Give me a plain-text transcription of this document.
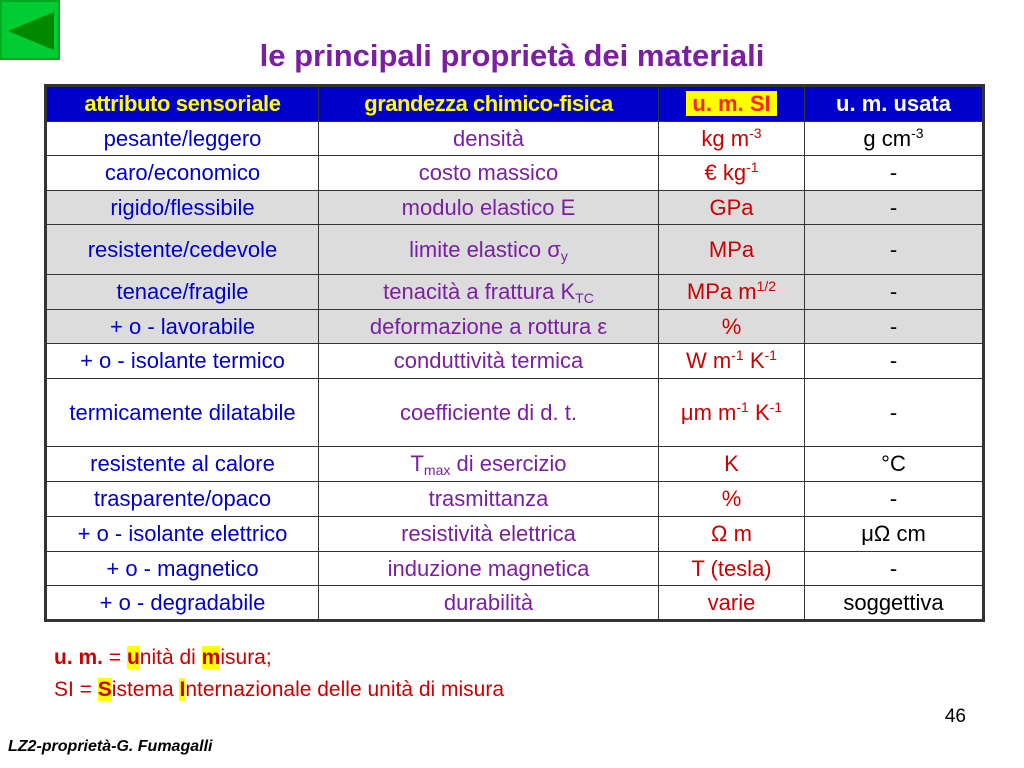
le principali proprietà dei materiali
attributo sensoriale	grandezza chimico-fisica	u. m. SI	u. m. usata
pesante/leggero	densità	kg $m^{-3}$	g $cm^{-3}$
caro/economico	costo massico	€ $kg^{-1}$	-
rigido/flessibile	modulo elastico E	GPa	-
resistente/cedevole	limite elastico $\sigma_y$	MPa	-
tenace/fragile	tenacità a frattura $K_{TC}$	MPa $m^{1/2}$	-
+ o - lavorabile	deformazione a rottura ε	%	-
+ o - isolante termico	conduttività termica	W $m^{-1}$ $K^{-1}$	-
termicamente dilatabile	coefficiente di d. t.	μm $m^{-1}$ $K^{-1}$	-
resistente al calore	$T_{max}$ di esercizio	K	°C
trasparente/opaco	trasmittanza	%	-
+ o - isolante elettrico	resistività elettrica	Ω m	μΩ cm
+ o - magnetico	induzione magnetica	T (tesla)	-
+ o - degradabile	durabilità	varie	soggettiva
u. m. = unità di misura;
SI = Sistema Internazionale delle unità di misura
46
LZ2-proprietà-G. Fumagalli
